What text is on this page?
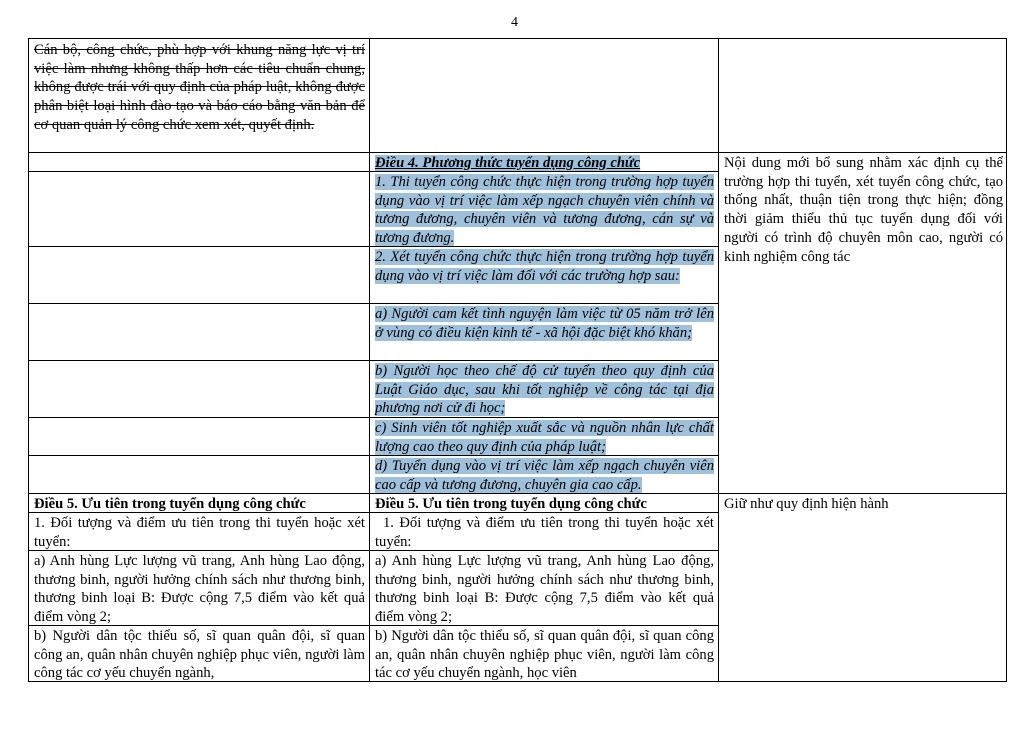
4
Cán bộ, công chức, phù hợp với khung năng lực vị trí việc làm nhưng không thấp hơn các tiêu chuẩn chung, không được trái với quy định của pháp luật, không được phân biệt loại hình đào tạo và báo cáo bằng văn bản để cơ quan quản lý công chức xem xét, quyết định.
Điều 5. Ưu tiên trong tuyển dụng công chức
1. Đối tượng và điểm ưu tiên trong thi tuyển hoặc xét tuyển:
a) Anh hùng Lực lượng vũ trang, Anh hùng Lao động, thương binh, người hưởng chính sách như thương binh, thương binh loại B: Được cộng 7,5 điểm vào kết quả điểm vòng 2;
b) Người dân tộc thiểu số, sĩ quan quân đội, sĩ quan công an, quân nhân chuyên nghiệp phục viên, người làm công tác cơ yếu chuyển ngành,
Điều 4. Phương thức tuyển dụng công chức
1. Thi tuyển công chức thực hiện trong trường hợp tuyển dụng vào vị trí việc làm xếp ngạch chuyên viên chính và tương đương, chuyên viên và tương đương, cán sự và tương đương.
2. Xét tuyển công chức thực hiện trong trường hợp tuyển dụng vào vị trí việc làm đối với các trường hợp sau:
a) Người cam kết tình nguyện làm việc từ 05 năm trở lên ở vùng có điều kiện kinh tế - xã hội đặc biệt khó khăn;
b) Người học theo chế độ cử tuyển theo quy định của Luật Giáo dục, sau khi tốt nghiệp về công tác tại địa phương nơi cử đi học;
c) Sinh viên tốt nghiệp xuất sắc và nguồn nhân lực chất lượng cao theo quy định của pháp luật;
d) Tuyển dụng vào vị trí việc làm xếp ngạch chuyên viên cao cấp và tương đương, chuyên gia cao cấp.
Điều 5. Ưu tiên trong tuyển dụng công chức
1. Đối tượng và điểm ưu tiên trong thi tuyển hoặc xét tuyển:
a) Anh hùng Lực lượng vũ trang, Anh hùng Lao động, thương binh, người hưởng chính sách như thương binh, thương binh loại B: Được cộng 7,5 điểm vào kết quả điểm vòng 2;
b) Người dân tộc thiểu số, sĩ quan quân đội, sĩ quan công an, quân nhân chuyên nghiệp phục viên, người làm công tác cơ yếu chuyển ngành, học viên
Nội dung mới bổ sung nhằm xác định cụ thể trường hợp thi tuyển, xét tuyển công chức, tạo thống nhất, thuận tiện trong thực hiện; đồng thời giảm thiểu thủ tục tuyển dụng đối với người có trình độ chuyên môn cao, người có kinh nghiệm công tác
Giữ như quy định hiện hành
